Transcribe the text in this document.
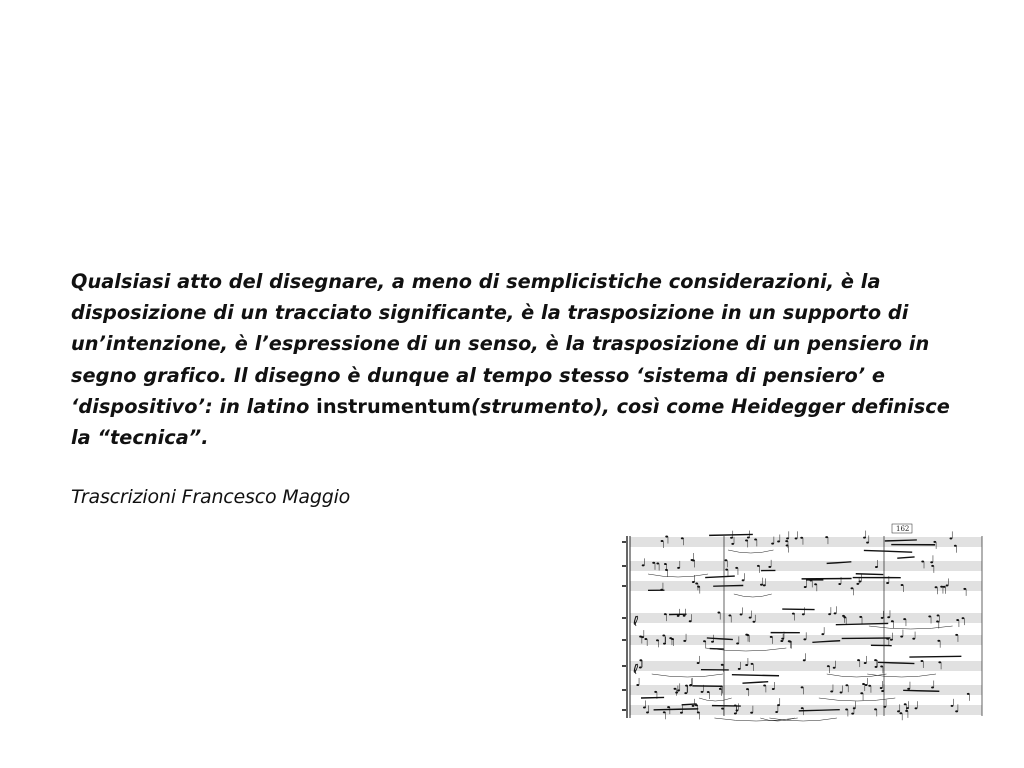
Qualsiasi atto del disegnare, a meno di semplicistiche considerazioni, è la disposizione di un tracciato significante, è la trasposizione in un supporto di un’intenzione, è l’espressione di un senso, è la trasposizione di un pensiero in segno grafico. Il disegno è dunque al tempo stesso ‘sistema di pensiero’ e ‘dispositivo’: in latino instrumentum(strumento), così come Heidegger definisce la “tecnica”.

Trascrizioni Francesco Maggio

162
